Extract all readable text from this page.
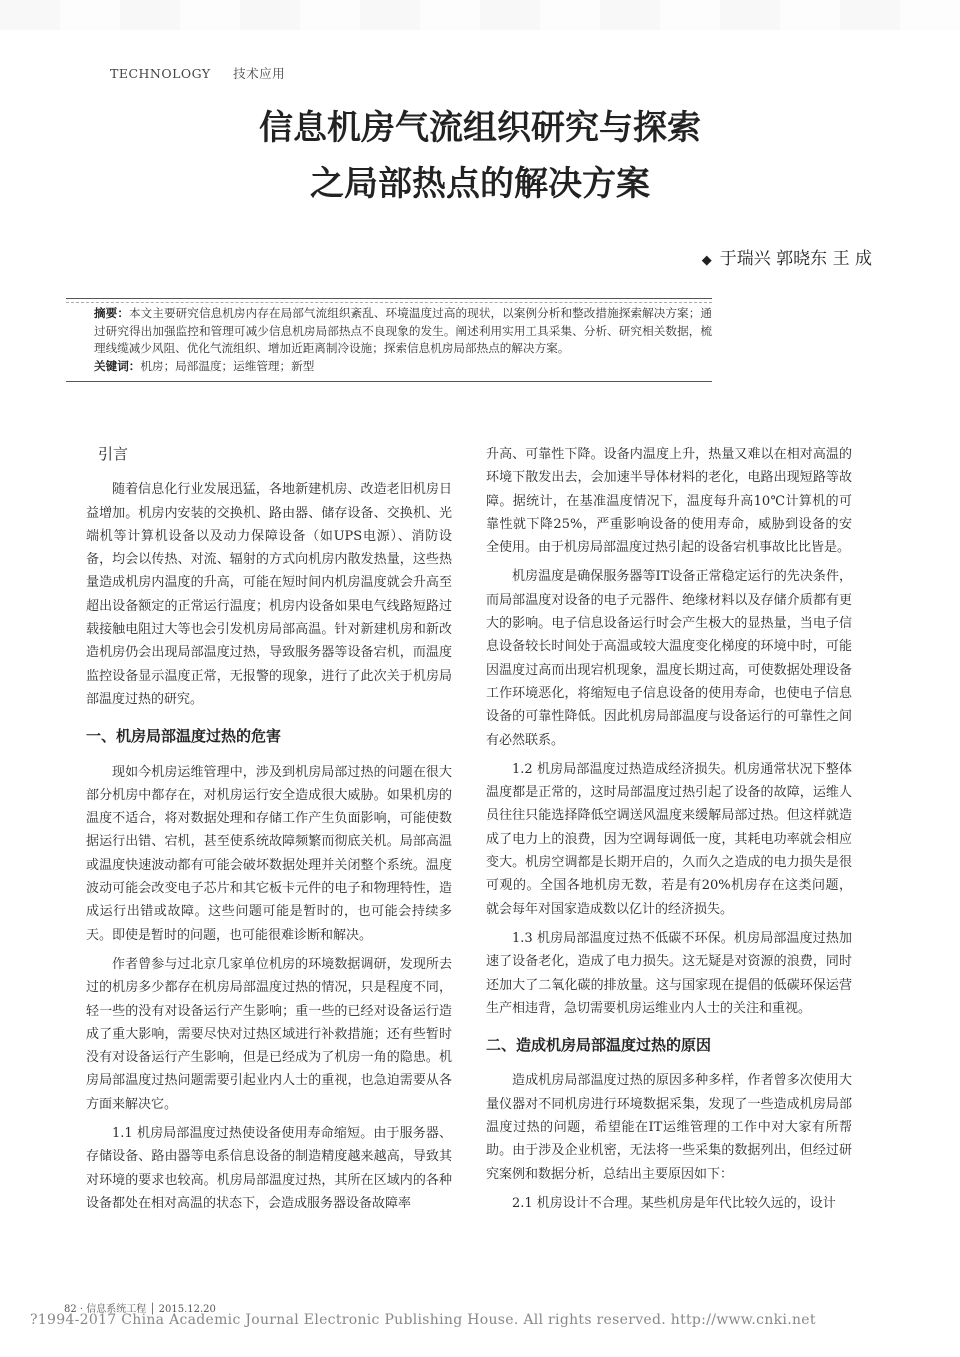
TECHNOLOGY 技术应用
信息机房气流组织研究与探索
之局部热点的解决方案
◆ 于瑞兴 郭晓东 王 成

摘要：本文主要研究信息机房内存在局部气流组织紊乱、环境温度过高的现状，以案例分析和整改措施探索解决方案；通过研究得出加强监控和管理可减少信息机房局部热点不良现象的发生。阐述利用实用工具采集、分析、研究相关数据，梳理线缆减少风阻、优化气流组织、增加近距离制冷设施；探索信息机房局部热点的解决方案。

关键词：机房；局部温度；运维管理；新型

引言

随着信息化行业发展迅猛，各地新建机房、改造老旧机房日益增加。机房内安装的交换机、路由器、储存设备、交换机、光端机等计算机设备以及动力保障设备（如UPS电源）、消防设备，均会以传热、对流、辐射的方式向机房内散发热量，这些热量造成机房内温度的升高，可能在短时间内机房温度就会升高至超出设备额定的正常运行温度；机房内设备如果电气线路短路过载接触电阻过大等也会引发机房局部高温。针对新建机房和新改造机房仍会出现局部温度过热，导致服务器等设备宕机，而温度监控设备显示温度正常，无报警的现象，进行了此次关于机房局部温度过热的研究。

一、机房局部温度过热的危害

现如今机房运维管理中，涉及到机房局部过热的问题在很大部分机房中都存在，对机房运行安全造成很大威胁。如果机房的温度不适合，将对数据处理和存储工作产生负面影响，可能使数据运行出错、宕机，甚至使系统故障频繁而彻底关机。局部高温或温度快速波动都有可能会破坏数据处理并关闭整个系统。温度波动可能会改变电子芯片和其它板卡元件的电子和物理特性，造成运行出错或故障。这些问题可能是暂时的，也可能会持续多天。即使是暂时的问题，也可能很难诊断和解决。

作者曾参与过北京几家单位机房的环境数据调研，发现所去过的机房多少都存在机房局部温度过热的情况，只是程度不同，轻一些的没有对设备运行产生影响；重一些的已经对设备运行造成了重大影响，需要尽快对过热区域进行补救措施；还有些暂时没有对设备运行产生影响，但是已经成为了机房一角的隐患。机房局部温度过热问题需要引起业内人士的重视，也急迫需要从各方面来解决它。

1.1 机房局部温度过热使设备使用寿命缩短。由于服务器、存储设备、路由器等电系信息设备的制造精度越来越高，导致其对环境的要求也较高。机房局部温度过热，其所在区域内的各种设备都处在相对高温的状态下，会造成服务器设备故障率

升高、可靠性下降。设备内温度上升，热量又难以在相对高温的环境下散发出去，会加速半导体材料的老化，电路出现短路等故障。据统计，在基准温度情况下，温度每升高10℃计算机的可靠性就下降25%，严重影响设备的使用寿命，威胁到设备的安全使用。由于机房局部温度过热引起的设备宕机事故比比皆是。

机房温度是确保服务器等IT设备正常稳定运行的先决条件，而局部温度对设备的电子元器件、绝缘材料以及存储介质都有更大的影响。电子信息设备运行时会产生极大的显热量，当电子信息设备较长时间处于高温或较大温度变化梯度的环境中时，可能因温度过高而出现宕机现象，温度长期过高，可使数据处理设备工作环境恶化，将缩短电子信息设备的使用寿命，也使电子信息设备的可靠性降低。因此机房局部温度与设备运行的可靠性之间有必然联系。

1.2 机房局部温度过热造成经济损失。机房通常状况下整体温度都是正常的，这时局部温度过热引起了设备的故障，运维人员往往只能选择降低空调送风温度来缓解局部过热。但这样就造成了电力上的浪费，因为空调每调低一度，其耗电功率就会相应变大。机房空调都是长期开启的，久而久之造成的电力损失是很可观的。全国各地机房无数，若是有20%机房存在这类问题，就会每年对国家造成数以亿计的经济损失。

1.3 机房局部温度过热不低碳不环保。机房局部温度过热加速了设备老化，造成了电力损失。这无疑是对资源的浪费，同时还加大了二氧化碳的排放量。这与国家现在提倡的低碳环保运营生产相违背，急切需要机房运维业内人士的关注和重视。

二、造成机房局部温度过热的原因

造成机房局部温度过热的原因多种多样，作者曾多次使用大量仪器对不同机房进行环境数据采集，发现了一些造成机房局部温度过热的问题，希望能在IT运维管理的工作中对大家有所帮助。由于涉及企业机密，无法将一些采集的数据列出，但经过研究案例和数据分析，总结出主要原因如下：

2.1 机房设计不合理。某些机房是年代比较久远的，设计

82 · 信息系统工程 │ 2015.12.20
?1994-2017 China Academic Journal Electronic Publishing House. All rights reserved. http://www.cnki.net
